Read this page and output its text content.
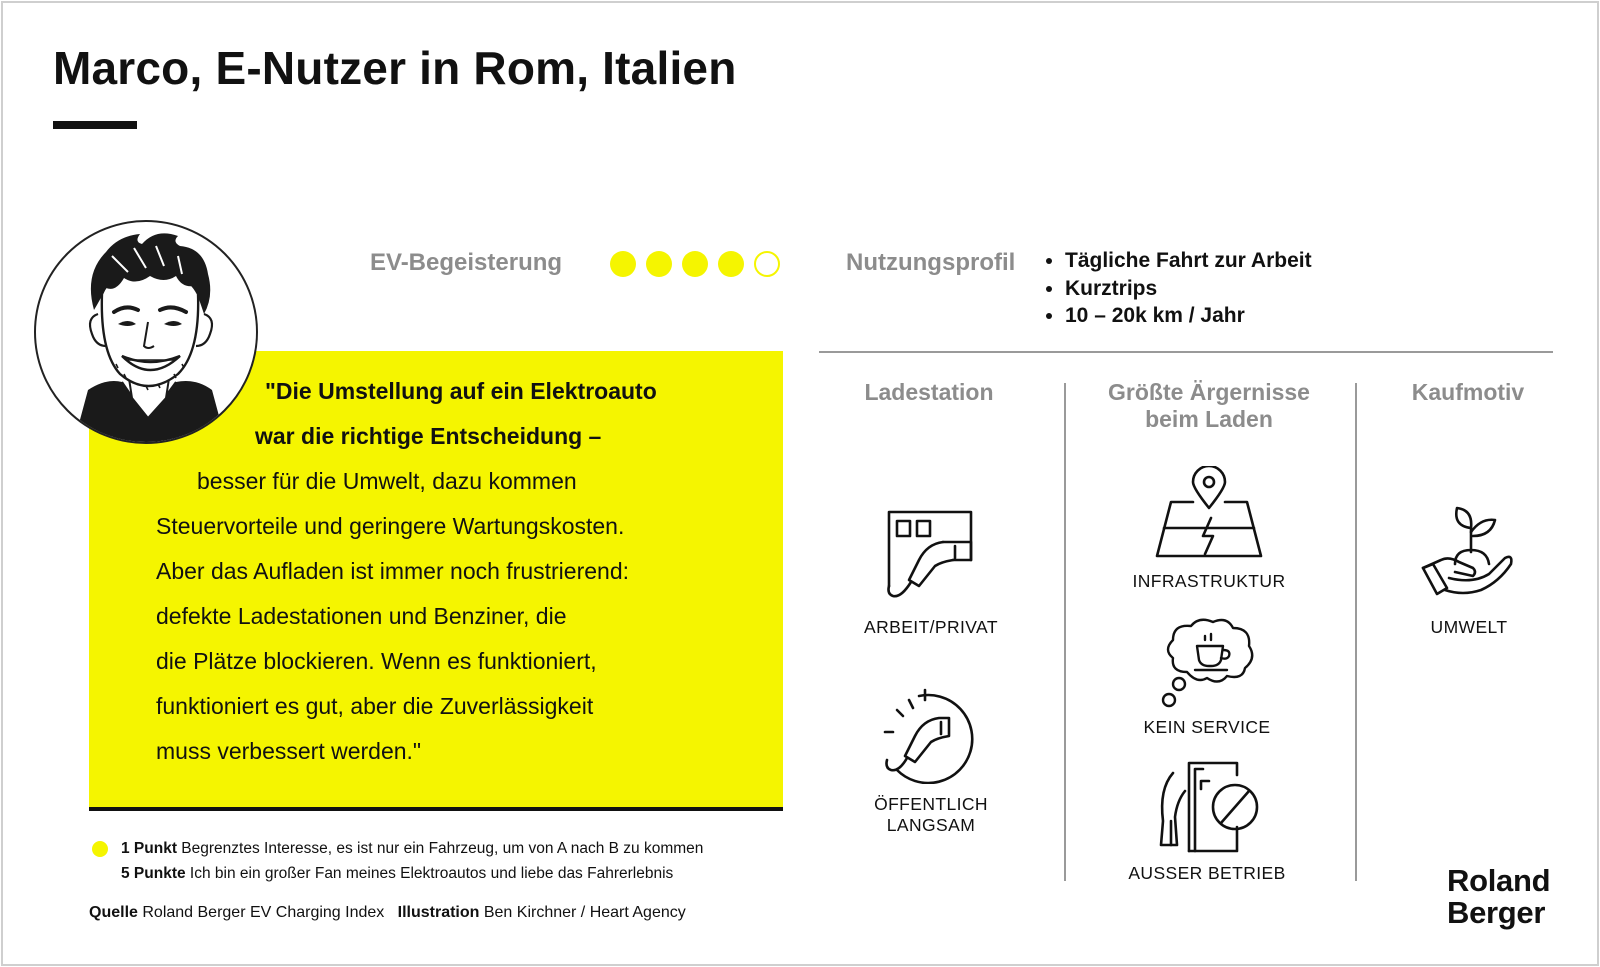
Marco, E-Nutzer in Rom, Italien
"Die Umstellung auf ein Elektroauto
war die richtige Entscheidung –
besser für die Umwelt, dazu kommen
Steuervorteile und geringere Wartungskosten.
Aber das Aufladen ist immer noch frustrierend:
defekte Ladestationen und Benziner, die
die Plätze blockieren. Wenn es funktioniert,
funktioniert es gut, aber die Zuverlässigkeit
muss verbessert werden."
EV-Begeisterung	Nutzungsprofil
• Tägliche Fahrt zur Arbeit
• Kurztrips
• 10 – 20k km / Jahr
Ladestation
ARBEIT/PRIVAT
ÖFFENTLICH
LANGSAM
Größte Ärgernisse
beim Laden
INFRASTRUKTUR
KEIN SERVICE
AUSSER BETRIEB
Kaufmotiv
UMWELT
1 Punkt Begrenztes Interesse, es ist nur ein Fahrzeug, um von A nach B zu kommen
5 Punkte Ich bin ein großer Fan meines Elektroautos und liebe das Fahrerlebnis
Quelle Roland Berger EV Charging Index Illustration Ben Kirchner / Heart Agency
Roland
Berger
